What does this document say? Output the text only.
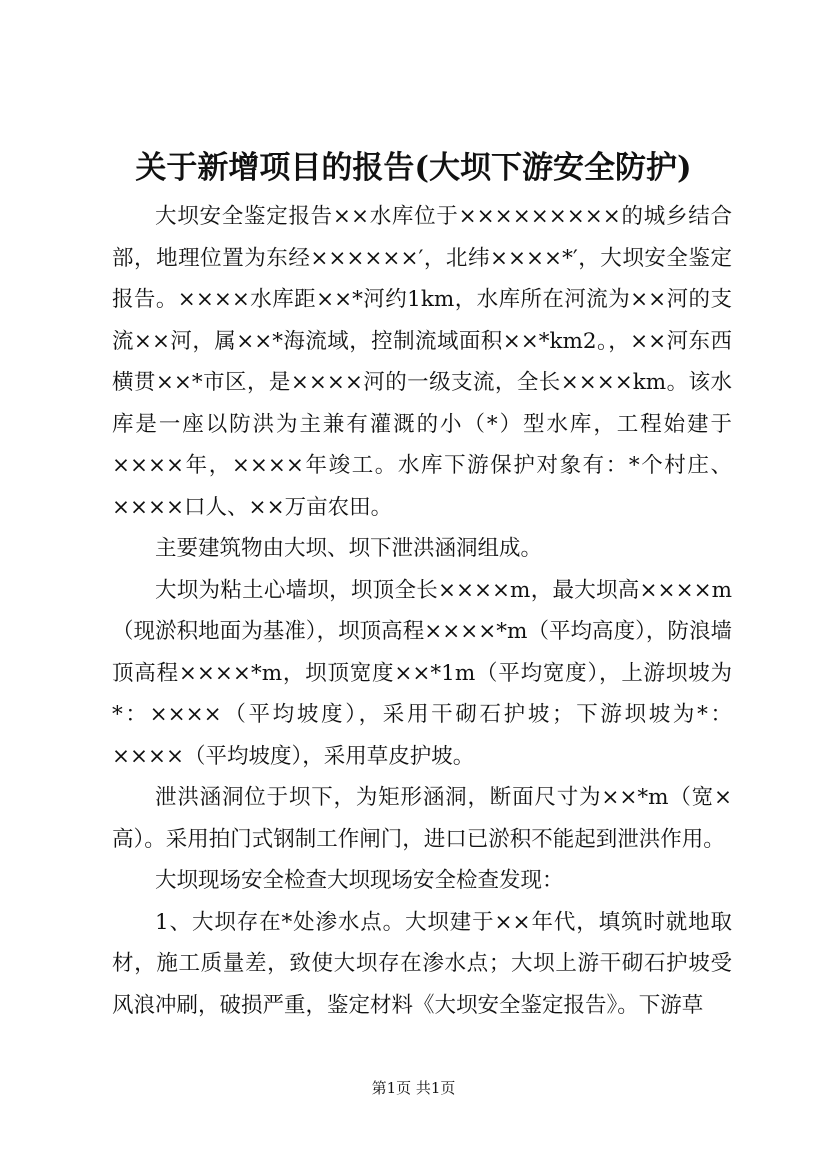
关于新增项目的报告(大坝下游安全防护)

大坝安全鉴定报告××水库位于×××××××××的城乡结合部，地理位置为东经××××××′，北纬××××*′，大坝安全鉴定报告。××××水库距××*河约1km，水库所在河流为××河的支流××河，属××*海流域，控制流域面积××*km2。，××河东西横贯××*市区，是××××河的一级支流，全长××××km。该水库是一座以防洪为主兼有灌溉的小（*）型水库，工程始建于××××年，××××年竣工。水库下游保护对象有：*个村庄、××××口人、××万亩农田。

主要建筑物由大坝、坝下泄洪涵洞组成。

大坝为粘土心墙坝，坝顶全长××××m，最大坝高××××m（现淤积地面为基准），坝顶高程××××*m（平均高度），防浪墙顶高程××××*m，坝顶宽度××*1m（平均宽度），上游坝坡为*：××××（平均坡度），采用干砌石护坡；下游坝坡为*：××××（平均坡度），采用草皮护坡。

泄洪涵洞位于坝下，为矩形涵洞，断面尺寸为××*m（宽×高）。采用拍门式钢制工作闸门，进口已淤积不能起到泄洪作用。

大坝现场安全检查大坝现场安全检查发现：

1、大坝存在*处渗水点。大坝建于××年代，填筑时就地取材，施工质量差，致使大坝存在渗水点；大坝上游干砌石护坡受风浪冲刷，破损严重，鉴定材料《大坝安全鉴定报告》。下游草

第1页 共1页
